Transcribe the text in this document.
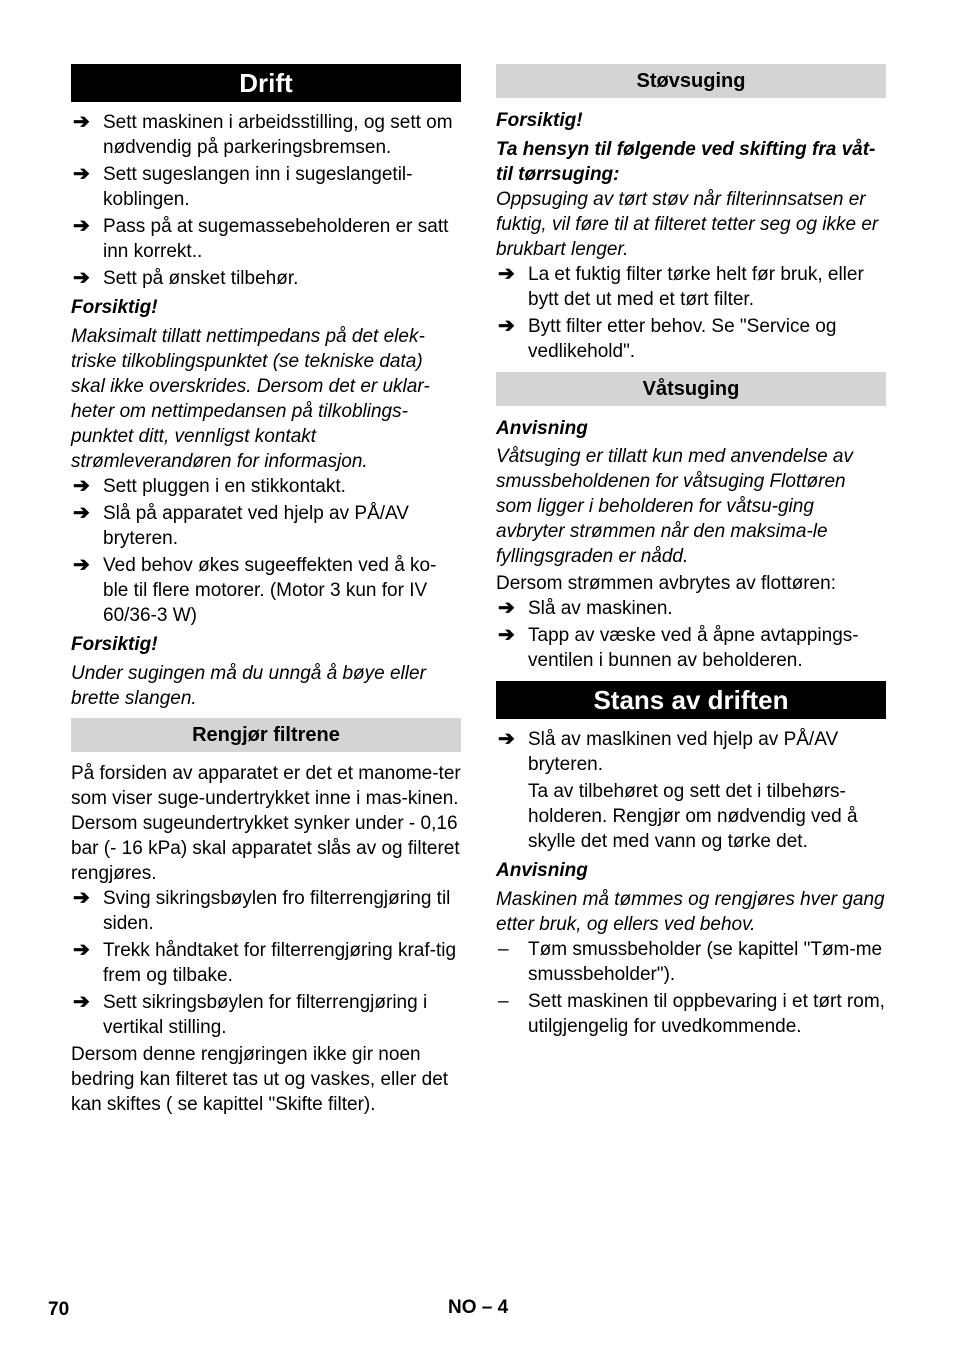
Drift
➔ Sett maskinen i arbeidsstilling, og sett om nødvendig på parkeringsbremsen.
➔ Sett sugeslangen inn i sugeslangetil-koblingen.
➔ Pass på at sugemassebeholderen er satt inn korrekt..
➔ Sett på ønsket tilbehør.
Forsiktig!
Maksimalt tillatt nettimpedans på det elek-triske tilkoblingspunktet (se tekniske data) skal ikke overskrides. Dersom det er uklar-heter om nettimpedansen på tilkoblings-punktet ditt, vennligst kontakt strømleverandøren for informasjon.
➔ Sett pluggen i en stikkontakt.
➔ Slå på apparatet ved hjelp av PÅ/AV bryteren.
➔ Ved behov økes sugeeffekten ved å ko-ble til flere motorer. (Motor 3 kun for IV 60/36-3 W)
Forsiktig!
Under sugingen må du unngå å bøye eller brette slangen.
Rengjør filtrene
På forsiden av apparatet er det et manome-ter som viser suge-undertrykket inne i mas-kinen. Dersom sugeundertrykket synker under - 0,16 bar (- 16 kPa) skal apparatet slås av og filteret rengjøres.
➔ Sving sikringsbøylen fro filterrengjøring til siden.
➔ Trekk håndtaket for filterrengjøring kraf-tig frem og tilbake.
➔ Sett sikringsbøylen for filterrengjøring i vertikal stilling.
Dersom denne rengjøringen ikke gir noen bedring kan filteret tas ut og vaskes, eller det kan skiftes ( se kapittel "Skifte filter).
Støvsuging
Forsiktig!
Ta hensyn til følgende ved skifting fra våt- til tørrsuging:
Oppsuging av tørt støv når filterinnsatsen er fuktig, vil føre til at filteret tetter seg og ikke er brukbart lenger.
➔ La et fuktig filter tørke helt før bruk, eller bytt det ut med et tørt filter.
➔ Bytt filter etter behov. Se "Service og vedlikehold".
Våtsuging
Anvisning
Våtsuging er tillatt kun med anvendelse av smussbeholdenen for våtsuging Flottøren som ligger i beholderen for våtsu-ging avbryter strømmen når den maksima-le fyllingsgraden er nådd.
Dersom strømmen avbrytes av flottøren:
➔ Slå av maskinen.
➔ Tapp av væske ved å åpne avtappings-ventilen i bunnen av beholderen.
Stans av driften
➔ Slå av maslkinen ved hjelp av PÅ/AV bryteren.
Ta av tilbehøret og sett det i tilbehørs-holderen. Rengjør om nødvendig ved å skylle det med vann og tørke det.
Anvisning
Maskinen må tømmes og rengjøres hver gang etter bruk, og ellers ved behov.
– Tøm smussbeholder (se kapittel "Tøm-me smussbeholder").
– Sett maskinen til oppbevaring i et tørt rom, utilgjengelig for uvedkommende.
70	NO – 4
